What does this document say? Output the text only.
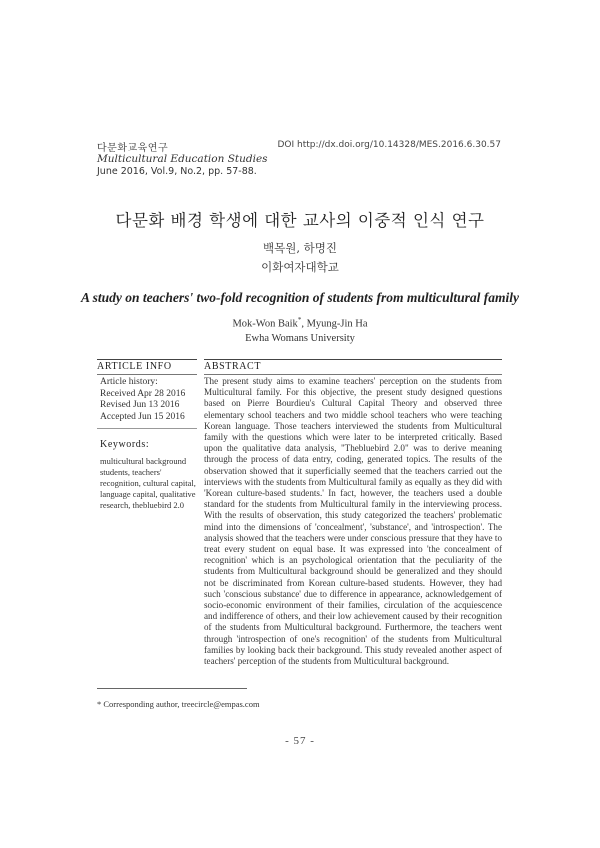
다문화교육연구
Multicultural Education Studies
June 2016, Vol.9, No.2, pp. 57-88.
DOI http://dx.doi.org/10.14328/MES.2016.6.30.57
다문화 배경 학생에 대한 교사의 이중적 인식 연구
백목원, 하명진
이화여자대학교
A study on teachers' two-fold recognition of students from multicultural family
Mok-Won Baik*, Myung-Jin Ha
Ewha Womans University
ARTICLE INFO	ABSTRACT
Article history:
Received Apr 28 2016
Revised Jun 13 2016
Accepted Jun 15 2016
Keywords:
multicultural background students, teachers' recognition, cultural capital, language capital, qualitative research, thebluebird 2.0
The present study aims to examine teachers' perception on the students from Multicultural family. For this objective, the present study designed questions based on Pierre Bourdieu's Cultural Capital Theory and observed three elementary school teachers and two middle school teachers who were teaching Korean language. Those teachers interviewed the students from Multicultural family with the questions which were later to be interpreted critically. Based upon the qualitative data analysis, "Thebluebird 2.0" was to derive meaning through the process of data entry, coding, generated topics. The results of the observation showed that it superficially seemed that the teachers carried out the interviews with the students from Multicultural family as equally as they did with 'Korean culture-based students.' In fact, however, the teachers used a double standard for the students from Multicultural family in the interviewing process. With the results of observation, this study categorized the teachers' problematic mind into the dimensions of 'concealment', 'substance', and 'introspection'. The analysis showed that the teachers were under conscious pressure that they have to treat every student on equal base. It was expressed into 'the concealment of recognition' which is an psychological orientation that the peculiarity of the students from Multicultural background should be generalized and they should not be discriminated from Korean culture-based students. However, they had such 'conscious substance' due to difference in appearance, acknowledgement of socio-economic environment of their families, circulation of the acquiescence and indifference of others, and their low achievement caused by their recognition of the students from Multicultural background. Furthermore, the teachers went through 'introspection of one's recognition' of the students from Multicultural families by looking back their background. This study revealed another aspect of teachers' perception of the students from Multicultural background.
* Corresponding author, treecircle@empas.com
- 57 -
